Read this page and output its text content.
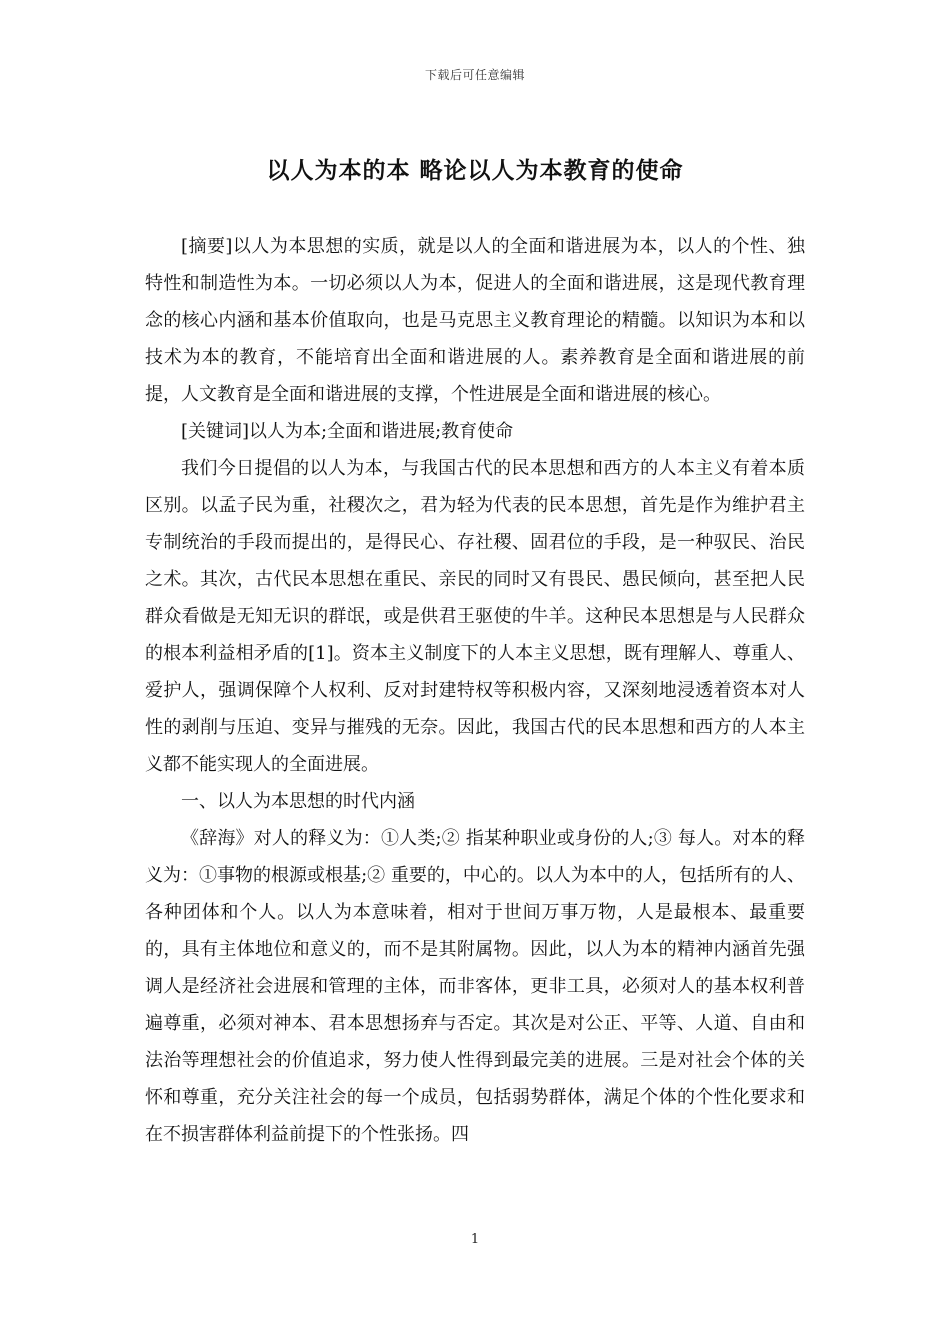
下载后可任意编辑
以人为本的本 略论以人为本教育的使命

[摘要]以人为本思想的实质，就是以人的全面和谐进展为本，以人的个性、独特性和制造性为本。一切必须以人为本，促进人的全面和谐进展，这是现代教育理念的核心内涵和基本价值取向，也是马克思主义教育理论的精髓。以知识为本和以技术为本的教育，不能培育出全面和谐进展的人。素养教育是全面和谐进展的前提，人文教育是全面和谐进展的支撑，个性进展是全面和谐进展的核心。

[关键词]以人为本;全面和谐进展;教育使命

我们今日提倡的以人为本，与我国古代的民本思想和西方的人本主义有着本质区别。以孟子民为重，社稷次之，君为轻为代表的民本思想，首先是作为维护君主专制统治的手段而提出的，是得民心、存社稷、固君位的手段，是一种驭民、治民之术。其次，古代民本思想在重民、亲民的同时又有畏民、愚民倾向，甚至把人民群众看做是无知无识的群氓，或是供君王驱使的牛羊。这种民本思想是与人民群众的根本利益相矛盾的[1]。资本主义制度下的人本主义思想，既有理解人、尊重人、爱护人，强调保障个人权利、反对封建特权等积极内容，又深刻地浸透着资本对人性的剥削与压迫、变异与摧残的无奈。因此，我国古代的民本思想和西方的人本主义都不能实现人的全面进展。

一、以人为本思想的时代内涵

《辞海》对人的释义为：①人类;② 指某种职业或身份的人;③ 每人。对本的释义为：①事物的根源或根基;② 重要的，中心的。以人为本中的人，包括所有的人、各种团体和个人。以人为本意味着，相对于世间万事万物，人是最根本、最重要的，具有主体地位和意义的，而不是其附属物。因此，以人为本的精神内涵首先强调人是经济社会进展和管理的主体，而非客体，更非工具，必须对人的基本权利普遍尊重，必须对神本、君本思想扬弃与否定。其次是对公正、平等、人道、自由和法治等理想社会的价值追求，努力使人性得到最完美的进展。三是对社会个体的关怀和尊重，充分关注社会的每一个成员，包括弱势群体，满足个体的个性化要求和在不损害群体利益前提下的个性张扬。四

1
